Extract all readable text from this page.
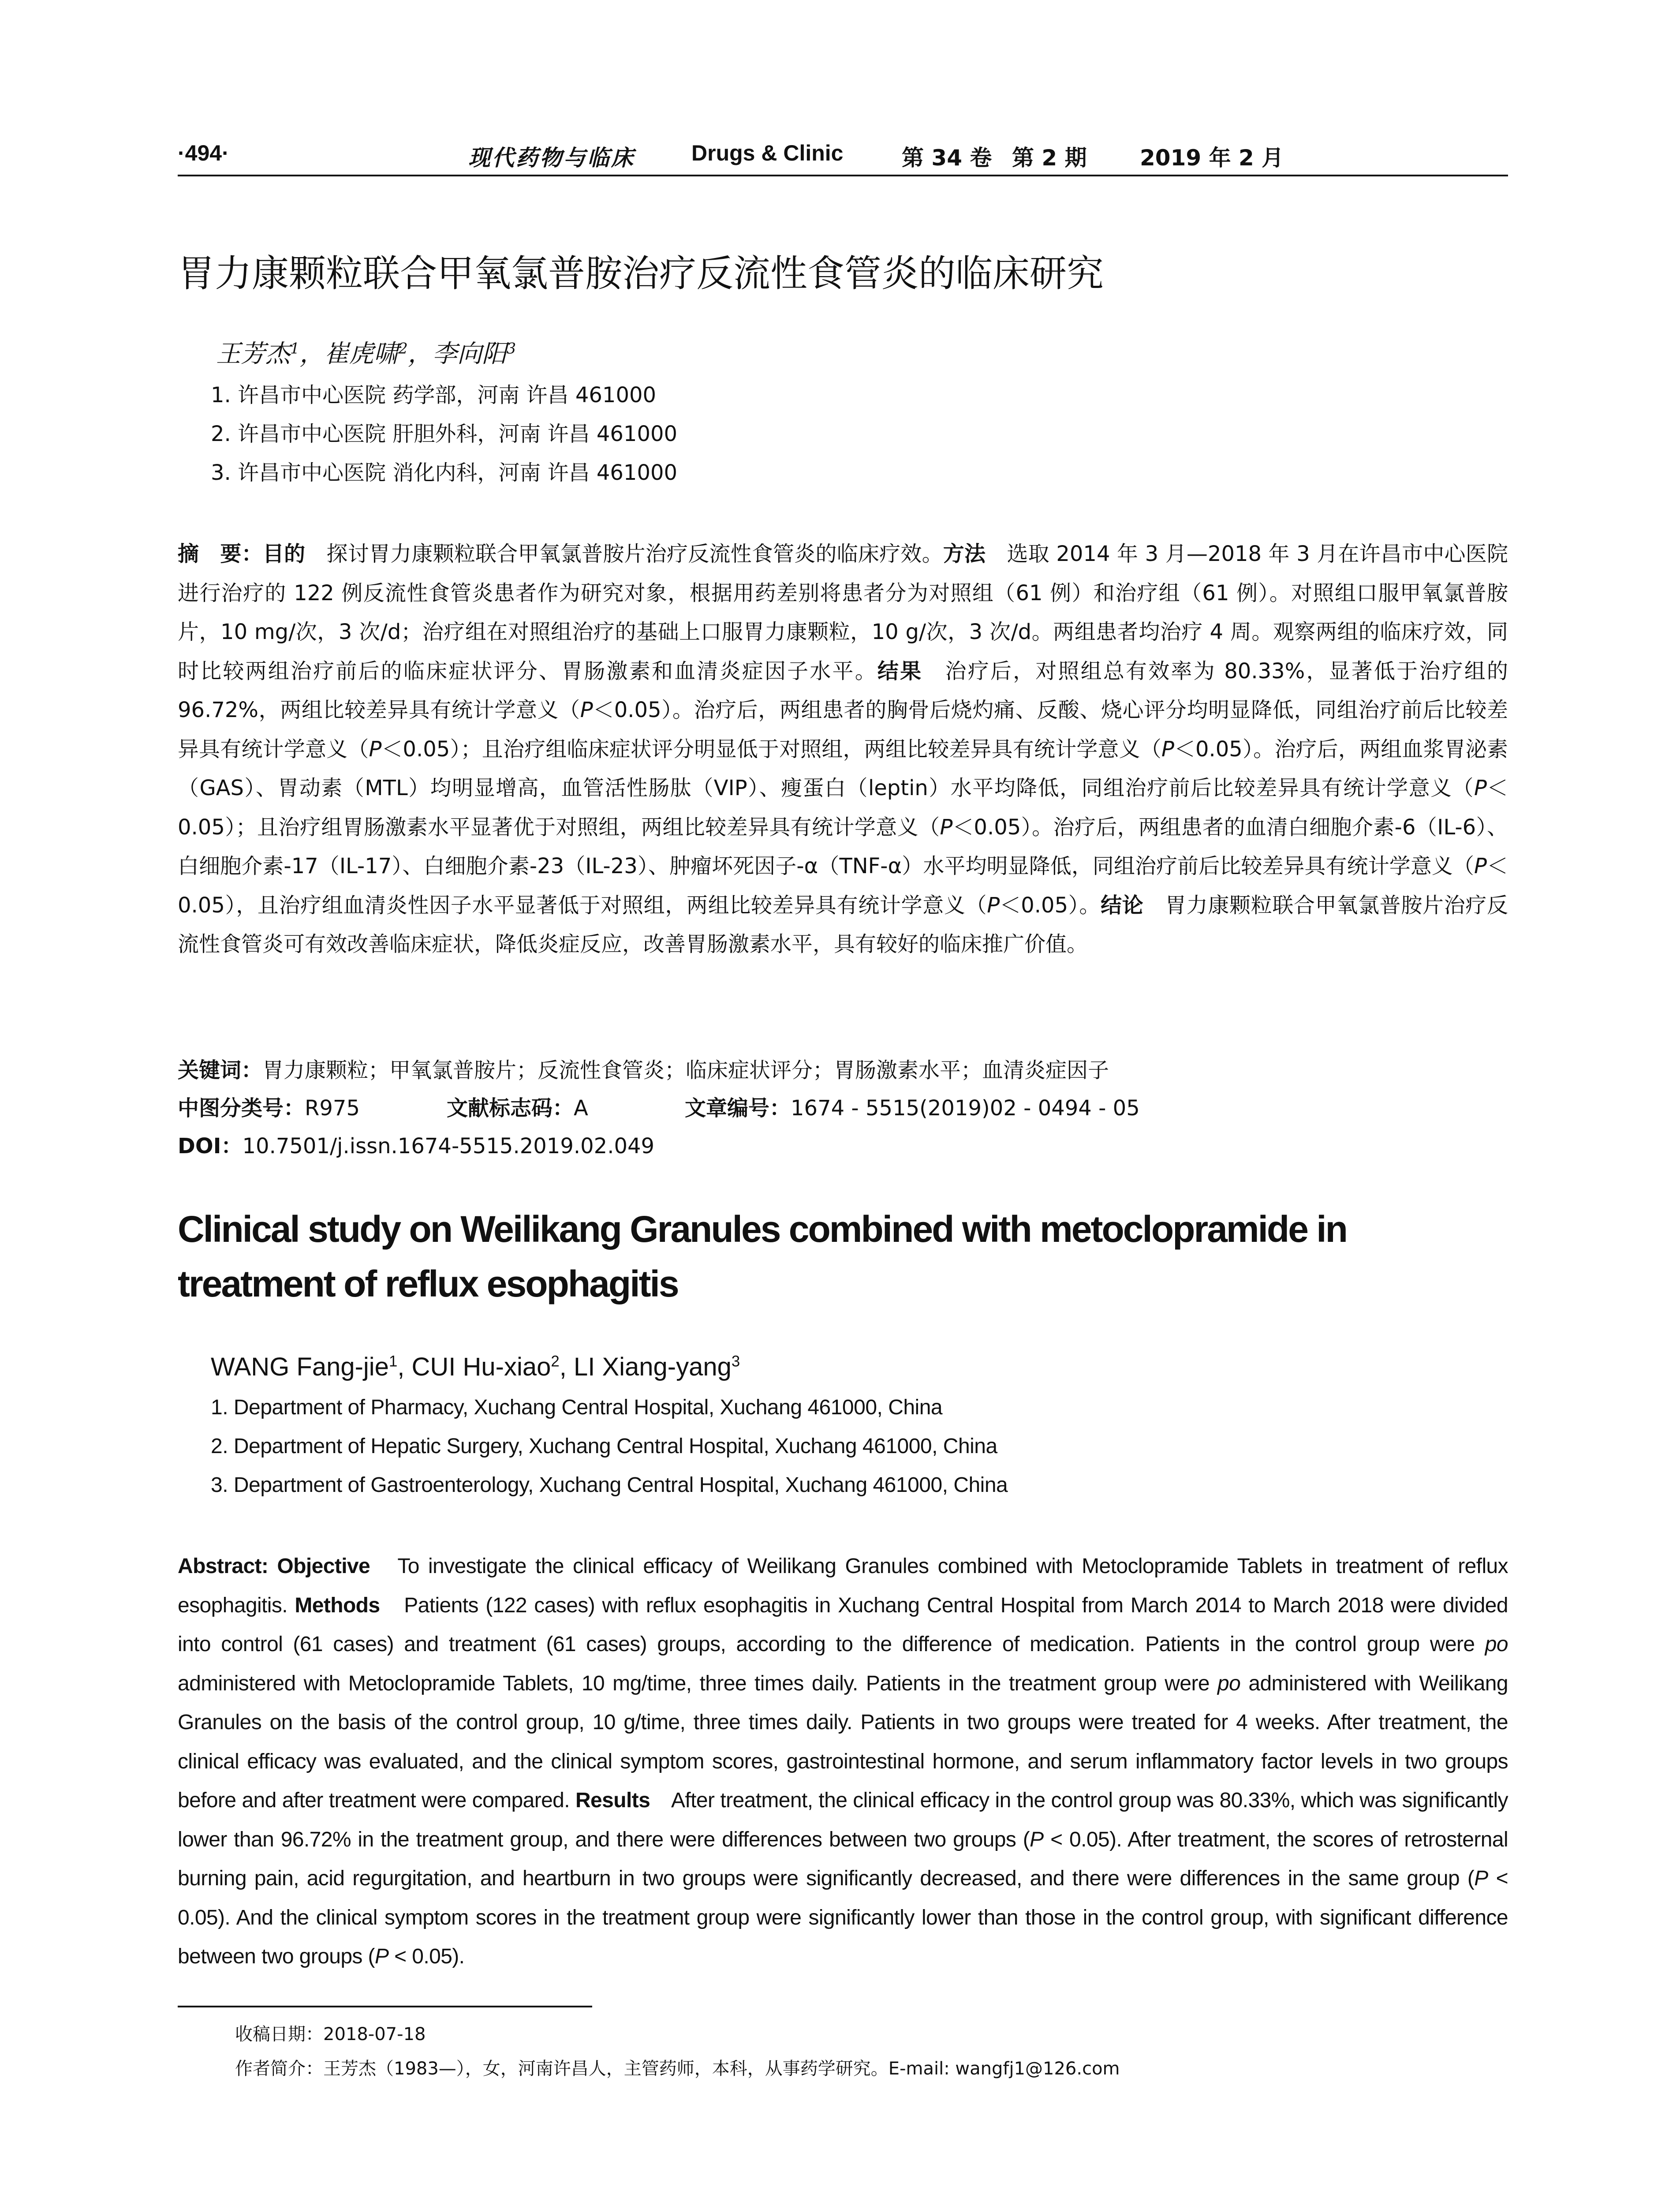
·494·	现代药物与临床	Drugs & Clinic	第 34 卷 第 2 期 2019 年 2 月
胃力康颗粒联合甲氧氯普胺治疗反流性食管炎的临床研究
王芳杰$^1$，崔虎啸$^2$，李向阳$^3$
1. 许昌市中心医院 药学部，河南 许昌 461000
2. 许昌市中心医院 肝胆外科，河南 许昌 461000
3. 许昌市中心医院 消化内科，河南 许昌 461000
摘　要：目的　探讨胃力康颗粒联合甲氧氯普胺片治疗反流性食管炎的临床疗效。方法　选取 2014 年 3 月—2018 年 3 月在许昌市中心医院进行治疗的 122 例反流性食管炎患者作为研究对象，根据用药差别将患者分为对照组（61 例）和治疗组（61 例）。对照组口服甲氧氯普胺片，10 mg/次，3 次/d；治疗组在对照组治疗的基础上口服胃力康颗粒，10 g/次，3 次/d。两组患者均治疗 4 周。观察两组的临床疗效，同时比较两组治疗前后的临床症状评分、胃肠激素和血清炎症因子水平。结果　治疗后，对照组总有效率为 80.33%，显著低于治疗组的 96.72%，两组比较差异具有统计学意义（P＜0.05）。治疗后，两组患者的胸骨后烧灼痛、反酸、烧心评分均明显降低，同组治疗前后比较差异具有统计学意义（P＜0.05）；且治疗组临床症状评分明显低于对照组，两组比较差异具有统计学意义（P＜0.05）。治疗后，两组血浆胃泌素（GAS）、胃动素（MTL）均明显增高，血管活性肠肽（VIP）、瘦蛋白（leptin）水平均降低，同组治疗前后比较差异具有统计学意义（P＜0.05）；且治疗组胃肠激素水平显著优于对照组，两组比较差异具有统计学意义（P＜0.05）。治疗后，两组患者的血清白细胞介素-6（IL-6）、白细胞介素-17（IL-17）、白细胞介素-23（IL-23）、肿瘤坏死因子-α（TNF-α）水平均明显降低，同组治疗前后比较差异具有统计学意义（P＜0.05），且治疗组血清炎性因子水平显著低于对照组，两组比较差异具有统计学意义（P＜0.05）。结论　胃力康颗粒联合甲氧氯普胺片治疗反流性食管炎可有效改善临床症状，降低炎症反应，改善胃肠激素水平，具有较好的临床推广价值。
关键词：胃力康颗粒；甲氧氯普胺片；反流性食管炎；临床症状评分；胃肠激素水平；血清炎症因子
中图分类号：R975	文献标志码：A	文章编号：1674 - 5515(2019)02 - 0494 - 05
DOI：10.7501/j.issn.1674-5515.2019.02.049
Clinical study on Weilikang Granules combined with metoclopramide in treatment of reflux esophagitis
WANG Fang-jie$^1$, CUI Hu-xiao$^2$, LI Xiang-yang$^3$
1. Department of Pharmacy, Xuchang Central Hospital, Xuchang 461000, China
2. Department of Hepatic Surgery, Xuchang Central Hospital, Xuchang 461000, China
3. Department of Gastroenterology, Xuchang Central Hospital, Xuchang 461000, China
Abstract: Objective　To investigate the clinical efficacy of Weilikang Granules combined with Metoclopramide Tablets in treatment of reflux esophagitis. Methods　Patients (122 cases) with reflux esophagitis in Xuchang Central Hospital from March 2014 to March 2018 were divided into control (61 cases) and treatment (61 cases) groups, according to the difference of medication. Patients in the control group were po administered with Metoclopramide Tablets, 10 mg/time, three times daily. Patients in the treatment group were po administered with Weilikang Granules on the basis of the control group, 10 g/time, three times daily. Patients in two groups were treated for 4 weeks. After treatment, the clinical efficacy was evaluated, and the clinical symptom scores, gastrointestinal hormone, and serum inflammatory factor levels in two groups before and after treatment were compared. Results　After treatment, the clinical efficacy in the control group was 80.33%, which was significantly lower than 96.72% in the treatment group, and there were differences between two groups (P < 0.05). After treatment, the scores of retrosternal burning pain, acid regurgitation, and heartburn in two groups were significantly decreased, and there were differences in the same group (P < 0.05). And the clinical symptom scores in the treatment group were significantly lower than those in the control group, with significant difference between two groups (P < 0.05).
收稿日期：2018-07-18
作者简介：王芳杰（1983—），女，河南许昌人，主管药师，本科，从事药学研究。E-mail: wangfj1@126.com
